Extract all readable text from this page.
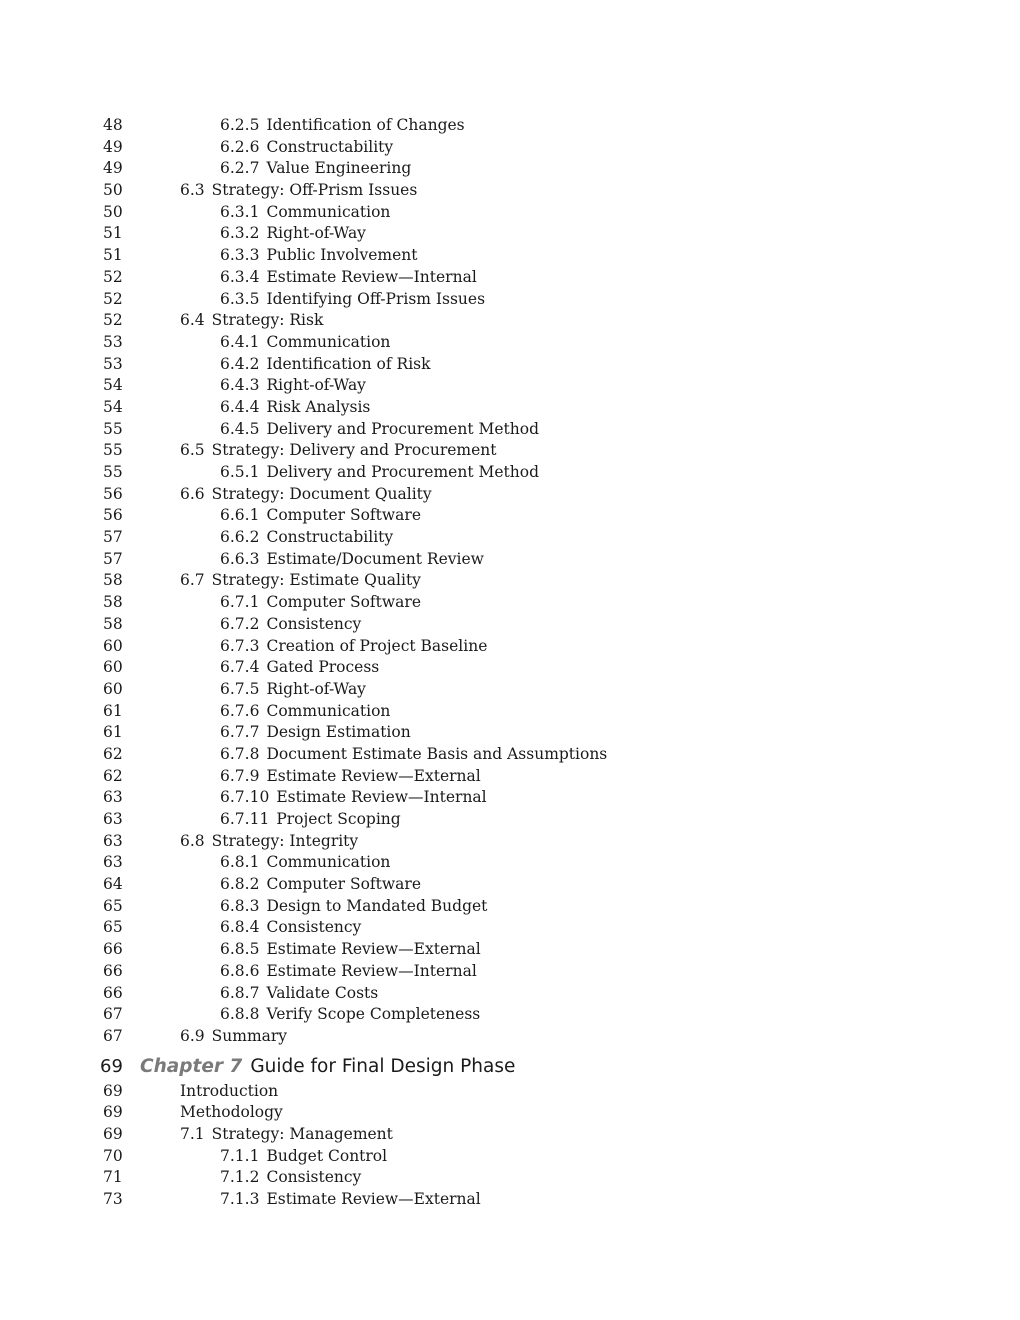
48	6.2.5 Identification of Changes
49	6.2.6 Constructability
49	6.2.7 Value Engineering
50	6.3 Strategy: Off-Prism Issues
50	6.3.1 Communication
51	6.3.2 Right-of-Way
51	6.3.3 Public Involvement
52	6.3.4 Estimate Review—Internal
52	6.3.5 Identifying Off-Prism Issues
52	6.4 Strategy: Risk
53	6.4.1 Communication
53	6.4.2 Identification of Risk
54	6.4.3 Right-of-Way
54	6.4.4 Risk Analysis
55	6.4.5 Delivery and Procurement Method
55	6.5 Strategy: Delivery and Procurement
55	6.5.1 Delivery and Procurement Method
56	6.6 Strategy: Document Quality
56	6.6.1 Computer Software
57	6.6.2 Constructability
57	6.6.3 Estimate/Document Review
58	6.7 Strategy: Estimate Quality
58	6.7.1 Computer Software
58	6.7.2 Consistency
60	6.7.3 Creation of Project Baseline
60	6.7.4 Gated Process
60	6.7.5 Right-of-Way
61	6.7.6 Communication
61	6.7.7 Design Estimation
62	6.7.8 Document Estimate Basis and Assumptions
62	6.7.9 Estimate Review—External
63	6.7.10 Estimate Review—Internal
63	6.7.11 Project Scoping
63	6.8 Strategy: Integrity
63	6.8.1 Communication
64	6.8.2 Computer Software
65	6.8.3 Design to Mandated Budget
65	6.8.4 Consistency
66	6.8.5 Estimate Review—External
66	6.8.6 Estimate Review—Internal
66	6.8.7 Validate Costs
67	6.8.8 Verify Scope Completeness
67	6.9 Summary
69 Chapter 7 Guide for Final Design Phase
69	Introduction
69	Methodology
69	7.1 Strategy: Management
70	7.1.1 Budget Control
71	7.1.2 Consistency
73	7.1.3 Estimate Review—External
